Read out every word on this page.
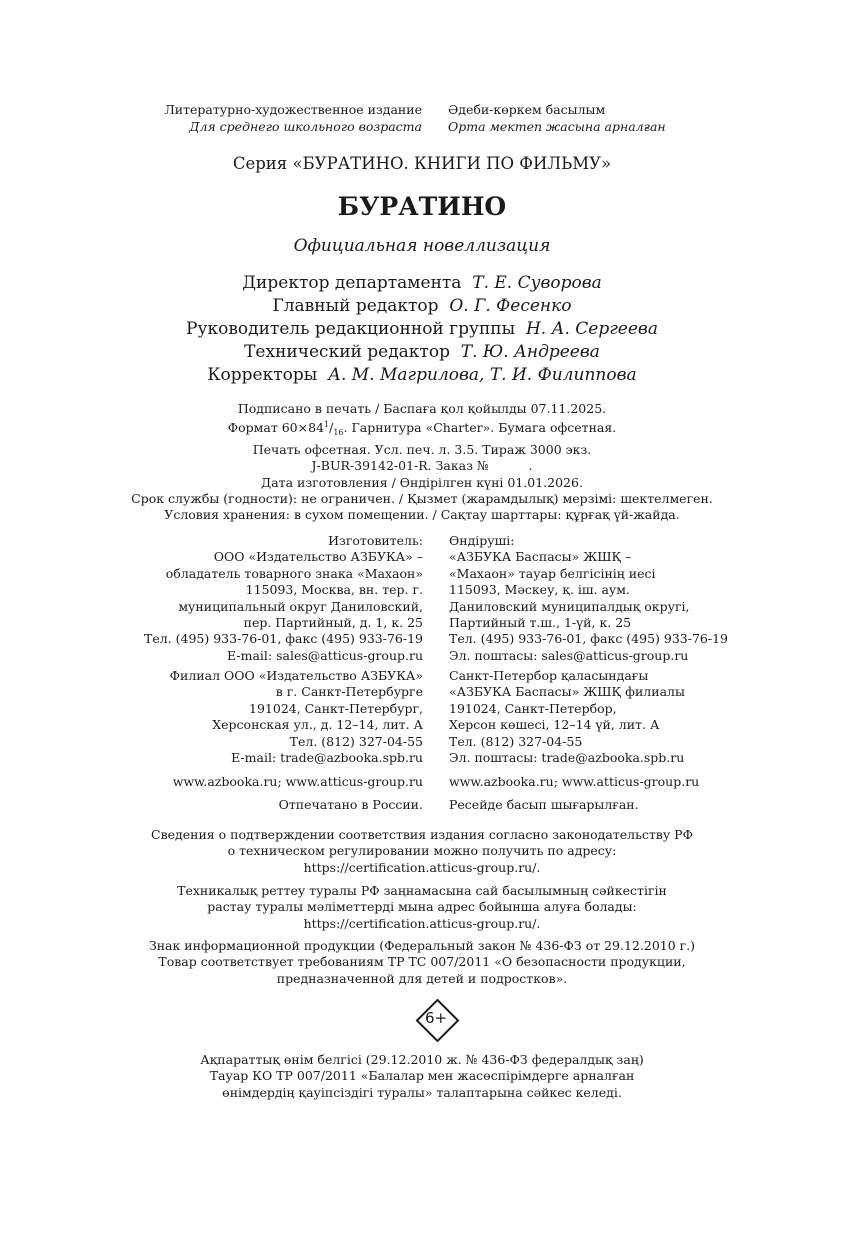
Литературно-художественное издание
Для среднего школьного возраста
Әдеби-көркем басылым
Орта мектеп жасына арналған
Серия «БУРАТИНО. КНИГИ ПО ФИЛЬМУ»
БУРАТИНО
Официальная новеллизация
Директор департамента Т. Е. Суворова
Главный редактор О. Г. Фесенко
Руководитель редакционной группы Н. А. Сергеева
Технический редактор Т. Ю. Андреева
Корректоры А. М. Магрилова, Т. И. Филиппова
Подписано в печать / Баспаға қол қойылды 07.11.2025.
Формат $60\times 84^1/_{16}$. Гарнитура «Charter». Бумага офсетная.
Печать офсетная. Усл. печ. л. 3.5. Тираж 3000 экз.
J-BUR-39142-01-R. Заказ №          .
Дата изготовления / Өндірілген күні 01.01.2026.
Срок службы (годности): не ограничен. / Қызмет (жарамдылық) мерзімі: шектелмеген.
Условия хранения: в сухом помещении. / Сақтау шарттары: құрғақ үй-жайда.
Изготовитель:
ООО «Издательство АЗБУКА» –
обладатель товарного знака «Махаон»
115093, Москва, вн. тер. г.
муниципальный округ Даниловский,
пер. Партийный, д. 1, к. 25
Тел. (495) 933-76-01, факс (495) 933-76-19
E-mail: sales@atticus-group.ru
Өндіруші:
«АЗБУКА Баспасы» ЖШҚ –
«Махаон» тауар белгісінің иесі
115093, Мәскеу, қ. іш. аум.
Даниловский муниципалдық округі,
Партийный т.ш., 1-үй, к. 25
Тел. (495) 933-76-01, факс (495) 933-76-19
Эл. поштасы: sales@atticus-group.ru
Филиал ООО «Издательство АЗБУКА»
в г. Санкт-Петербурге
191024, Санкт-Петербург,
Херсонская ул., д. 12–14, лит. А
Тел. (812) 327-04-55
E-mail: trade@azbooka.spb.ru
Санкт-Петербор қаласындағы
«АЗБУКА Баспасы» ЖШҚ филиалы
191024, Санкт-Петербор,
Херсон көшесі, 12–14 үй, лит. А
Тел. (812) 327-04-55
Эл. поштасы: trade@azbooka.spb.ru
www.azbooka.ru; www.atticus-group.ru www.azbooka.ru; www.atticus-group.ru
Отпечатано в России. Ресейде басып шығарылған.
Сведения о подтверждении соответствия издания согласно законодательству РФ
о техническом регулировании можно получить по адресу:
https://certification.atticus-group.ru/.
Техникалық реттеу туралы РФ заңнамасына сай басылымның сәйкестігін
растау туралы мәліметтерді мына адрес бойынша алуға болады:
https://certification.atticus-group.ru/.
Знак информационной продукции (Федеральный закон № 436-ФЗ от 29.12.2010 г.)
Товар соответствует требованиям ТР ТС 007/2011 «О безопасности продукции,
предназначенной для детей и подростков».
6+
Ақпараттық өнім белгісі (29.12.2010 ж. № 436-ФЗ федералдық заң)
Тауар КО ТР 007/2011 «Балалар мен жасөспірімдерге арналған
өнімдердің қауіпсіздігі туралы» талаптарына сәйкес келеді.
